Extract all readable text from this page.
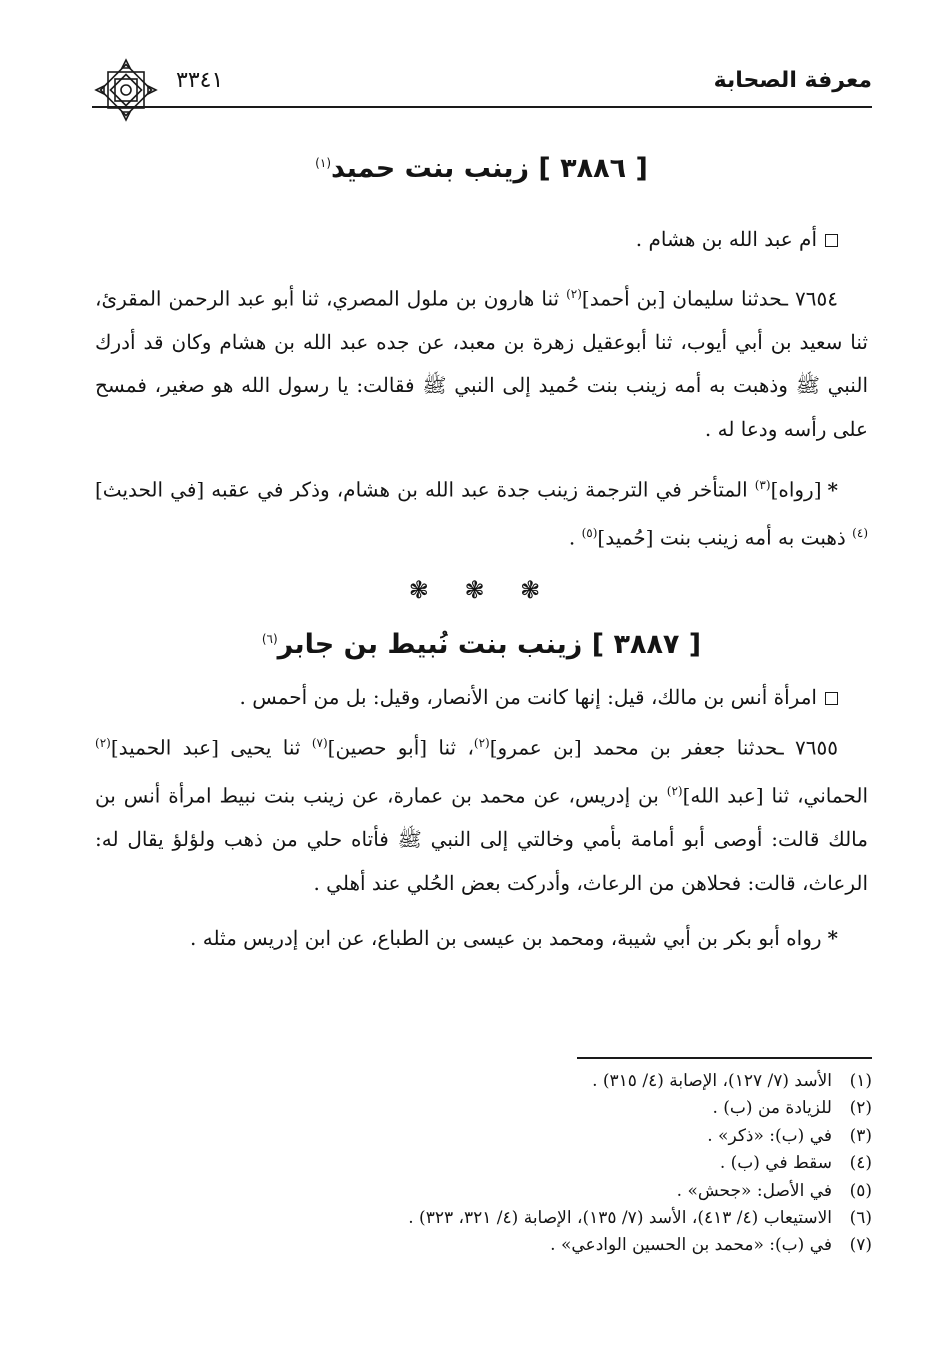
معرفة الصحابة
٣٣٤١
[ ٣٨٨٦ ] زينب بنت حميد$^{(١)}$

أم عبد الله بن هشام .

٧٦٥٤ ـحدثنا سليمان [بن أحمد]$^{(٢)}$ ثنا هارون بن ملول المصري، ثنا أبو عبد الرحمن المقرئ، ثنا سعيد بن أبي أيوب، ثنا أبوعقيل زهرة بن معبد، عن جده عبد الله بن هشام وكان قد أدرك النبي ﷺ وذهبت به أمه زينب بنت حُميد إلى النبي ﷺ فقالت: يا رسول الله هو صغير، فمسح على رأسه ودعا له .

*[رواه]$^{(٣)}$ المتأخر في الترجمة زينب جدة عبد الله بن هشام، وذكر في عقبه [في الحديث]$^{(٤)}$ ذهبت به أمه زينب بنت [حُميد]$^{(٥)}$ .

❃ ❃ ❃

[ ٣٨٨٧ ] زينب بنت نُبيط بن جابر$^{(٦)}$

امرأة أنس بن مالك، قيل: إنها كانت من الأنصار، وقيل: بل من أحمس .

٧٦٥٥ ـحدثنا جعفر بن محمد [بن عمرو]$^{(٢)}$، ثنا [أبو حصين]$^{(٧)}$ ثنا يحيى [عبد الحميد]$^{(٢)}$ الحماني، ثنا [عبد الله]$^{(٢)}$ بن إدريس، عن محمد بن عمارة، عن زينب بنت نبيط امرأة أنس بن مالك قالت: أوصى أبو أمامة بأمي وخالتي إلى النبي ﷺ فأتاه حلي من ذهب ولؤلؤ يقال له: الرعاث، قالت: فحلاهن من الرعاث، وأدركت بعض الحُلي عند أهلي .

*رواه أبو بكر بن أبي شيبة، ومحمد بن عيسى بن الطباع، عن ابن إدريس مثله .

(١)الأسد (٧/ ١٢٧)، الإصابة (٤/ ٣١٥) .
(٢)للزيادة من (ب) .
(٣)في (ب): «ذكر» .
(٤)سقط في (ب) .
(٥)في الأصل: «جحش» .
(٦)الاستيعاب (٤/ ٤١٣)، الأسد (٧/ ١٣٥)، الإصابة (٤/ ٣٢١، ٣٢٣) .
(٧)في (ب): «محمد بن الحسين الوادعي» .
